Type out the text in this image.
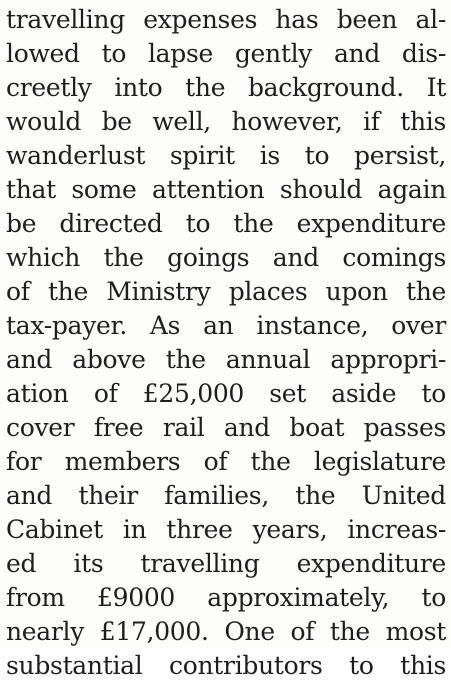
travelling expenses has been al-
lowed to lapse gently and dis-
creetly into the background. It
would be well, however, if this
wanderlust spirit is to persist,
that some attention should again
be directed to the expenditure
which the goings and comings
of the Ministry places upon the
tax-payer. As an instance, over
and above the annual appropri-
ation of £25,000 set aside to
cover free rail and boat passes
for members of the legislature
and their families, the United
Cabinet in three years, increas-
ed its travelling expenditure
from £9000 approximately, to
nearly £17,000. One of the most
substantial contributors to this
